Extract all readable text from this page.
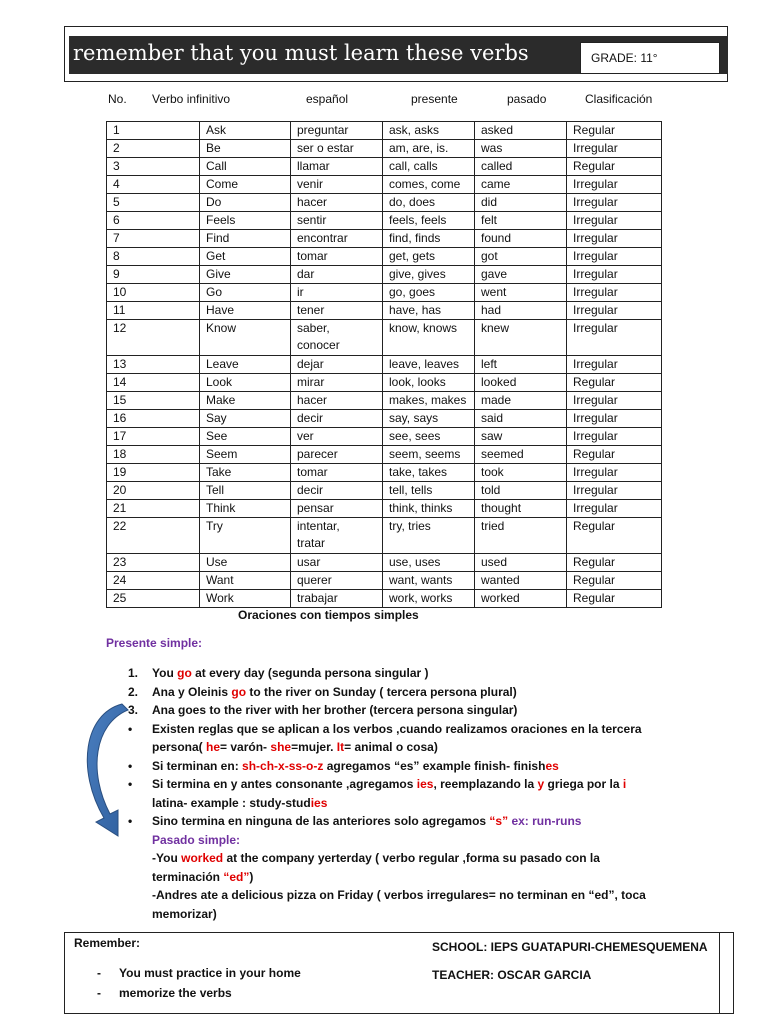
remember that you must learn these verbs	GRADE: 11°
No. Verbo infinitivo	español	presente	pasado	Clasificación
1	Ask	preguntar	ask, asks	asked	Regular
2	Be	ser o estar	am, are, is.	was	Irregular
3	Call	llamar	call, calls	called	Regular
4	Come	venir	comes, come	came	Irregular
5	Do	hacer	do, does	did	Irregular
6	Feels	sentir	feels, feels	felt	Irregular
7	Find	encontrar	find, finds	found	Irregular
8	Get	tomar	get, gets	got	Irregular
9	Give	dar	give, gives	gave	Irregular
10	Go	ir	go, goes	went	Irregular
11	Have	tener	have, has	had	Irregular
12	Know	saber,
conocer	know, knows	knew	Irregular
13	Leave	dejar	leave, leaves	left	Irregular
14	Look	mirar	look, looks	looked	Regular
15	Make	hacer	makes, makes	made	Irregular
16	Say	decir	say, says	said	Irregular
17	See	ver	see, sees	saw	Irregular
18	Seem	parecer	seem, seems	seemed	Regular
19	Take	tomar	take, takes	took	Irregular
20	Tell	decir	tell, tells	told	Irregular
21	Think	pensar	think, thinks	thought	Irregular
22	Try	intentar,
tratar	try, tries	tried	Regular
23	Use	usar	use, uses	used	Regular
24	Want	querer	want, wants	wanted	Regular
25	Work	trabajar	work, works	worked	Regular
Oraciones con tiempos simples
Presente simple:
1. You go at every day (segunda persona singular )
2. Ana y Oleinis go to the river on Sunday ( tercera persona plural)
3. Ana goes to the river with her brother (tercera persona singular)
• Existen reglas que se aplican a los verbos ,cuando realizamos oraciones en la tercera persona( he= varón- she=mujer. It= animal o cosa)
• Si terminan en: sh-ch-x-ss-o-z agregamos “es” example finish- finishes
• Si termina en y antes consonante ,agregamos ies, reemplazando la y griega por la i latina- example : study-studies
• Sino termina en ninguna de las anteriores solo agregamos “s” ex: run-runs
Pasado simple:
-You worked at the company yerterday ( verbo regular ,forma su pasado con la terminación “ed”)
-Andres ate a delicious pizza on Friday ( verbos irregulares= no terminan en “ed”, toca memorizar)
Remember:
- You must practice in your home
- memorize the verbs
SCHOOL: IEPS GUATAPURI-CHEMESQUEMENA
TEACHER: OSCAR GARCIA
